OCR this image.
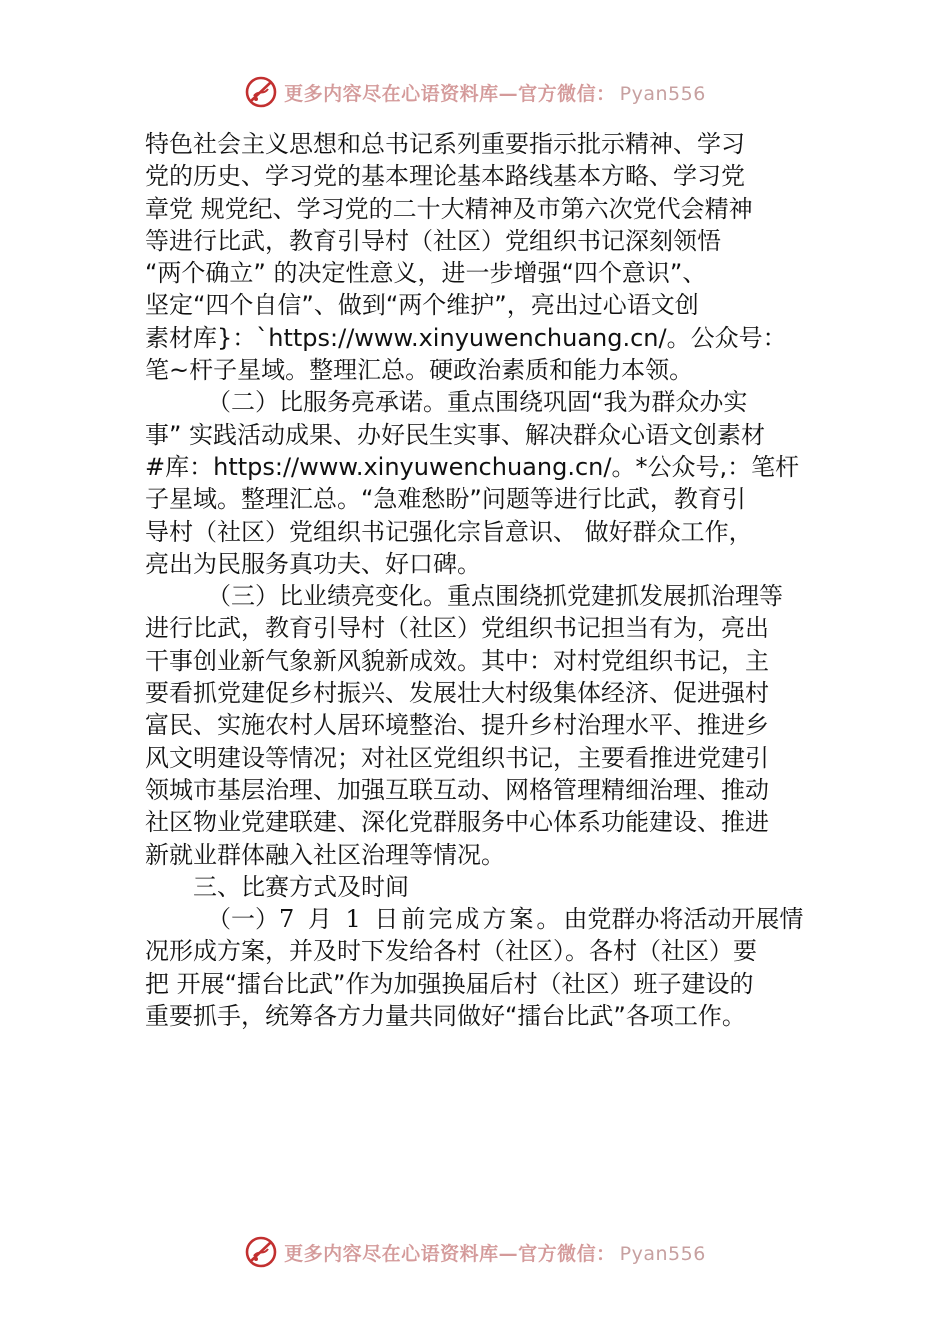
更多内容尽在心语资料库—官方微信： Pyan556

特色社会主义思想和总书记系列重要指示批示精神、学习

党的历史、学习党的基本理论基本路线基本方略、学习党

章党 规党纪、学习党的二十大精神及市第六次党代会精神

等进行比武，教育引导村（社区）党组织书记深刻领悟

“两个确立” 的决定性意义，进一步增强“四个意识”、

坚定“四个自信”、做到“两个维护”，亮出过心语文创

素材库}：`https://www.xinyuwenchuang.cn/。公众号：

笔~杆子星域。整理汇总。硬政治素质和能力本领。

（二）比服务亮承诺。重点围绕巩固“我为群众办实

事” 实践活动成果、办好民生实事、解决群众心语文创素材

#库：https://www.xinyuwenchuang.cn/。*公众号,：笔杆

子星域。整理汇总。“急难愁盼”问题等进行比武，教育引

导村（社区）党组织书记强化宗旨意识、 做好群众工作，

亮出为民服务真功夫、好口碑。

（三）比业绩亮变化。重点围绕抓党建抓发展抓治理等

进行比武，教育引导村（社区）党组织书记担当有为，亮出

干事创业新气象新风貌新成效。其中：对村党组织书记，主

要看抓党建促乡村振兴、发展壮大村级集体经济、促进强村

富民、实施农村人居环境整治、提升乡村治理水平、推进乡

风文明建设等情况；对社区党组织书记，主要看推进党建引

领城市基层治理、加强互联互动、网格管理精细治理、推动

社区物业党建联建、深化党群服务中心体系功能建设、推进

新就业群体融入社区治理等情况。

三、比赛方式及时间

（一）7 月 1 日前完成方案。由党群办将活动开展情

况形成方案，并及时下发给各村（社区）。各村（社区）要

把 开展“擂台比武”作为加强换届后村（社区）班子建设的

重要抓手，统筹各方力量共同做好“擂台比武”各项工作。

更多内容尽在心语资料库—官方微信： Pyan556
